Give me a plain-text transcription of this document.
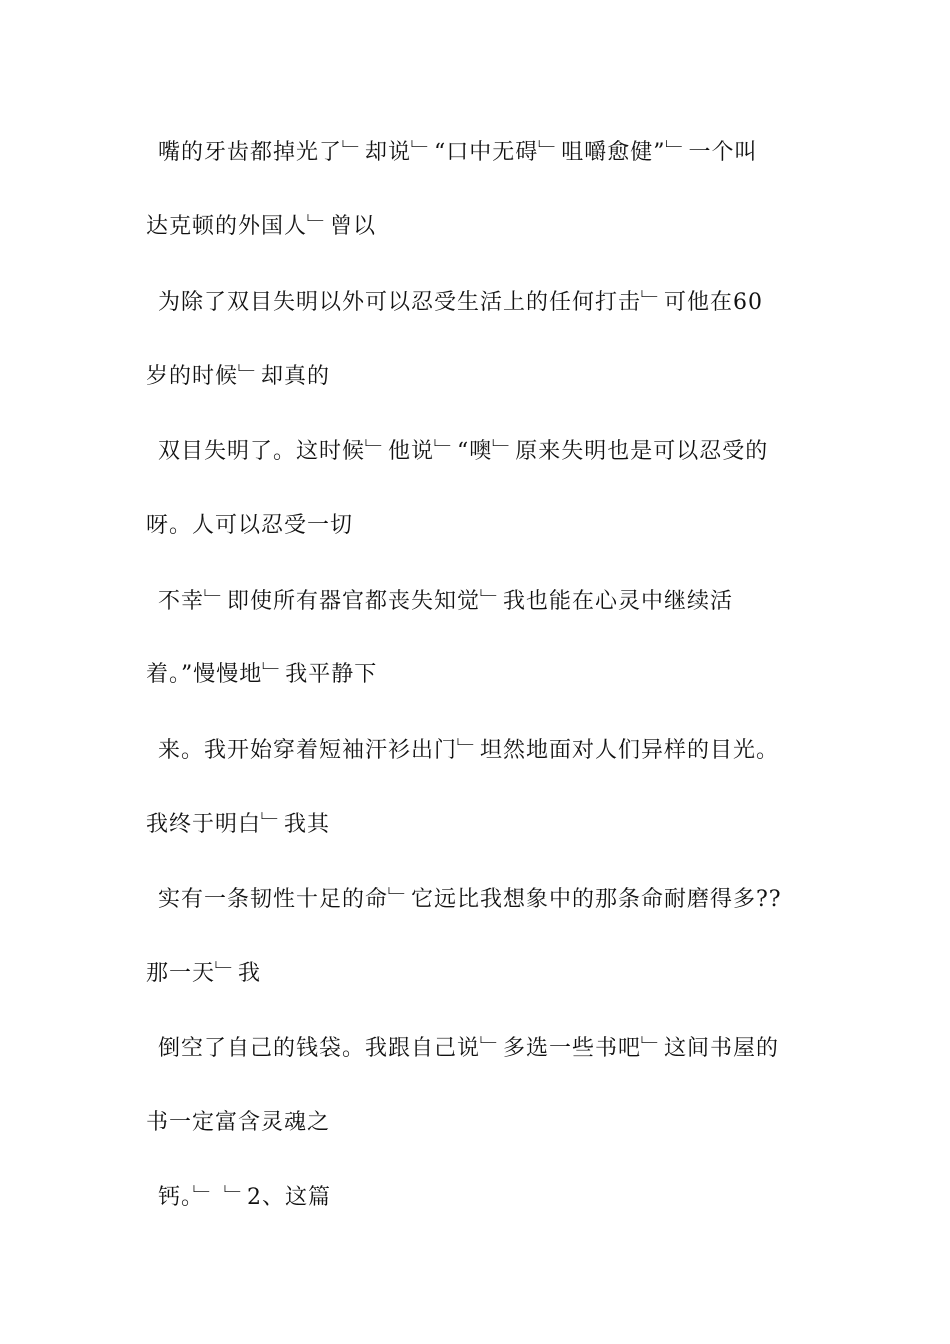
嘴的牙齿都掉光了﹂却说﹂“口中无碍﹂咀嚼愈健”﹂一个叫
达克顿的外国人﹂曾以
为除了双目失明以外可以忍受生活上的任何打击﹂可他在60
岁的时候﹂却真的
双目失明了。这时候﹂他说﹂“噢﹂原来失明也是可以忍受的
呀。人可以忍受一切
不幸﹂即使所有器官都丧失知觉﹂我也能在心灵中继续活
着。”慢慢地﹂我平静下
来。我开始穿着短袖汗衫出门﹂坦然地面对人们异样的目光。
我终于明白﹂我其
实有一条韧性十足的命﹂它远比我想象中的那条命耐磨得多??
那一天﹂我
倒空了自己的钱袋。我跟自己说﹂多选一些书吧﹂这间书屋的
书一定富含灵魂之
钙。﹂ ﹂2、这篇
